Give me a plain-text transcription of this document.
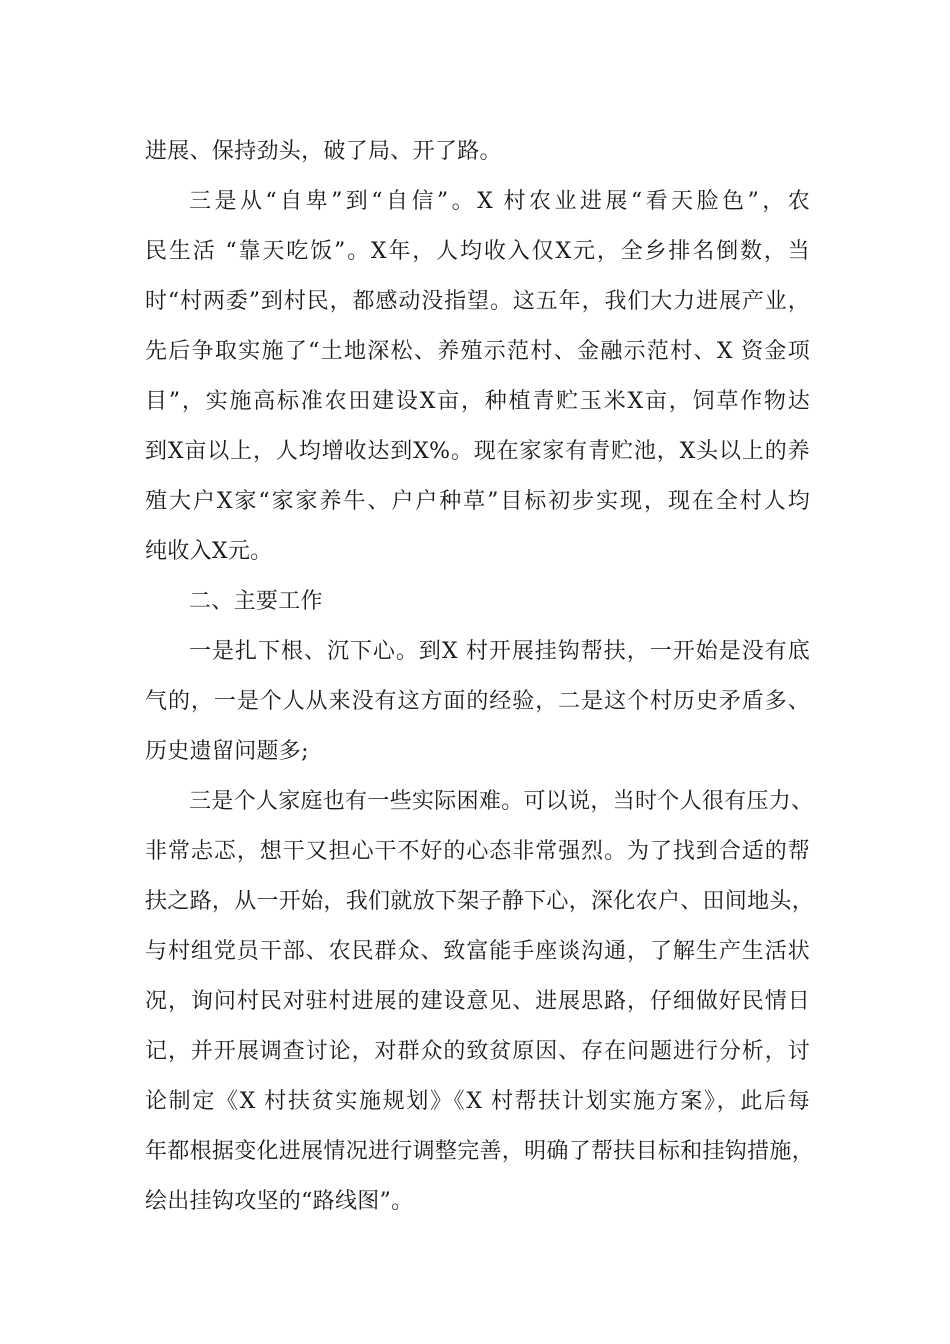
进展、保持劲头，破了局、开了路。
三是从“自卑”到“自信”。X 村农业进展“看天脸色”，农
民生活 “靠天吃饭”。X年，人均收入仅X元，全乡排名倒数，当
时“村两委”到村民，都感动没指望。这五年，我们大力进展产业，
先后争取实施了“土地深松、养殖示范村、金融示范村、X 资金项
目”，实施高标准农田建设X亩，种植青贮玉米X亩，饲草作物达
到X亩以上，人均增收达到X%。现在家家有青贮池，X头以上的养
殖大户X家“家家养牛、户户种草”目标初步实现，现在全村人均
纯收入X元。
二、主要工作
一是扎下根、沉下心。到X 村开展挂钩帮扶，一开始是没有底
气的，一是个人从来没有这方面的经验，二是这个村历史矛盾多、
历史遗留问题多;
三是个人家庭也有一些实际困难。可以说，当时个人很有压力、
非常忐忑，想干又担心干不好的心态非常强烈。为了找到合适的帮
扶之路，从一开始，我们就放下架子静下心，深化农户、田间地头，
与村组党员干部、农民群众、致富能手座谈沟通，了解生产生活状
况，询问村民对驻村进展的建设意见、进展思路，仔细做好民情日
记，并开展调查讨论，对群众的致贫原因、存在问题进行分析，讨
论制定《X 村扶贫实施规划》《X 村帮扶计划实施方案》，此后每
年都根据变化进展情况进行调整完善，明确了帮扶目标和挂钩措施，
绘出挂钩攻坚的“路线图”。
